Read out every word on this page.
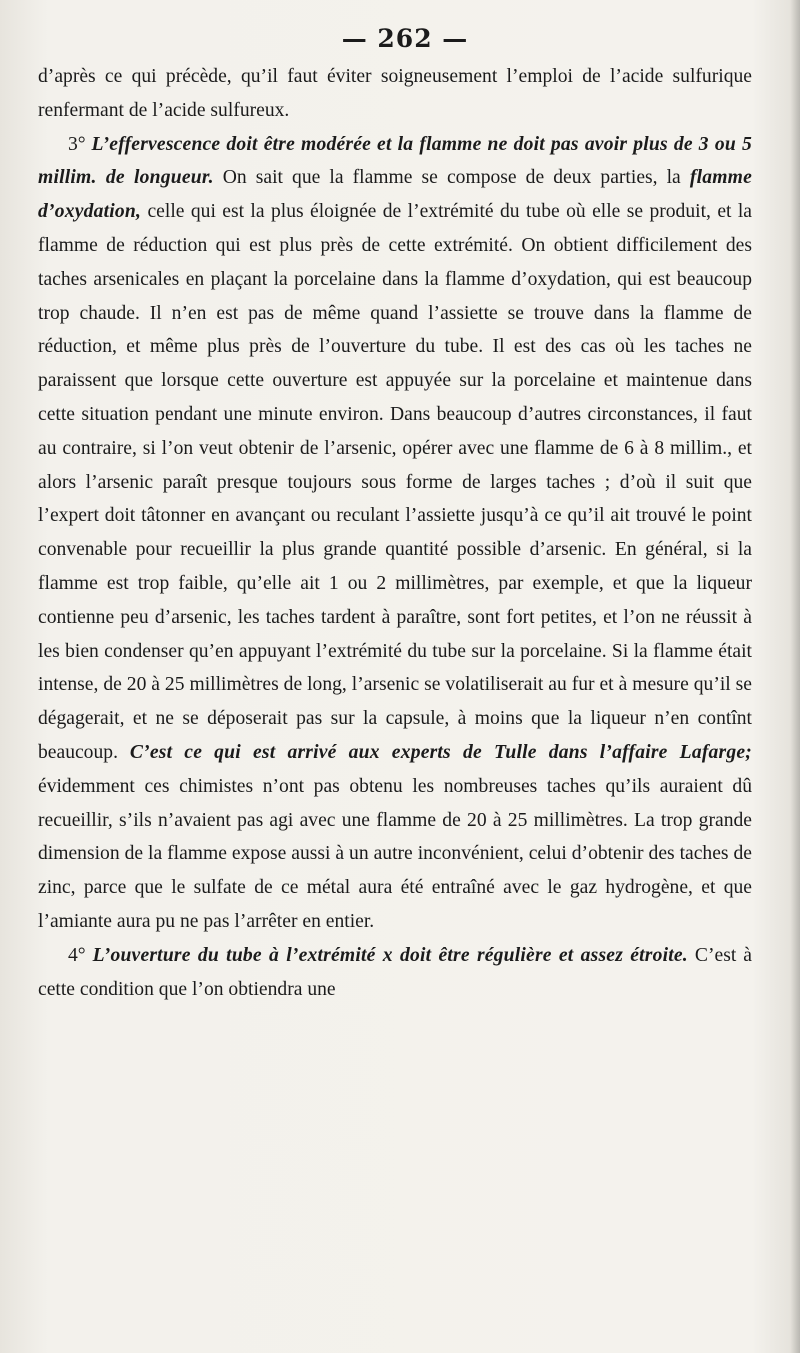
— 262 —

d’après ce qui précède, qu’il faut éviter soigneusement l’emploi de l’acide sulfurique renfermant de l’acide sulfureux.

3° L’effervescence doit être modérée et la flamme ne doit pas avoir plus de 3 ou 5 millim. de longueur. On sait que la flamme se compose de deux parties, la flamme d’oxydation, celle qui est la plus éloignée de l’extrémité du tube où elle se produit, et la flamme de réduction qui est plus près de cette extrémité. On obtient difficilement des taches arsenicales en plaçant la porcelaine dans la flamme d’oxydation, qui est beaucoup trop chaude. Il n’en est pas de même quand l’assiette se trouve dans la flamme de réduction, et même plus près de l’ouverture du tube. Il est des cas où les taches ne paraissent que lorsque cette ouverture est appuyée sur la porcelaine et maintenue dans cette situation pendant une minute environ. Dans beaucoup d’autres circonstances, il faut au contraire, si l’on veut obtenir de l’arsenic, opérer avec une flamme de 6 à 8 millim., et alors l’arsenic paraît presque toujours sous forme de larges taches ; d’où il suit que l’expert doit tâtonner en avançant ou reculant l’assiette jusqu’à ce qu’il ait trouvé le point convenable pour recueillir la plus grande quantité possible d’arsenic. En général, si la flamme est trop faible, qu’elle ait 1 ou 2 millimètres, par exemple, et que la liqueur contienne peu d’arsenic, les taches tardent à paraître, sont fort petites, et l’on ne réussit à les bien condenser qu’en appuyant l’extrémité du tube sur la porcelaine. Si la flamme était intense, de 20 à 25 millimètres de long, l’arsenic se volatiliserait au fur et à mesure qu’il se dégagerait, et ne se déposerait pas sur la capsule, à moins que la liqueur n’en contînt beaucoup. C’est ce qui est arrivé aux experts de Tulle dans l’affaire Lafarge; évidemment ces chimistes n’ont pas obtenu les nombreuses taches qu’ils auraient dû recueillir, s’ils n’avaient pas agi avec une flamme de 20 à 25 millimètres. La trop grande dimension de la flamme expose aussi à un autre inconvénient, celui d’obtenir des taches de zinc, parce que le sulfate de ce métal aura été entraîné avec le gaz hydrogène, et que l’amiante aura pu ne pas l’arrêter en entier.

4° L’ouverture du tube à l’extrémité x doit être régulière et assez étroite. C’est à cette condition que l’on obtiendra une
